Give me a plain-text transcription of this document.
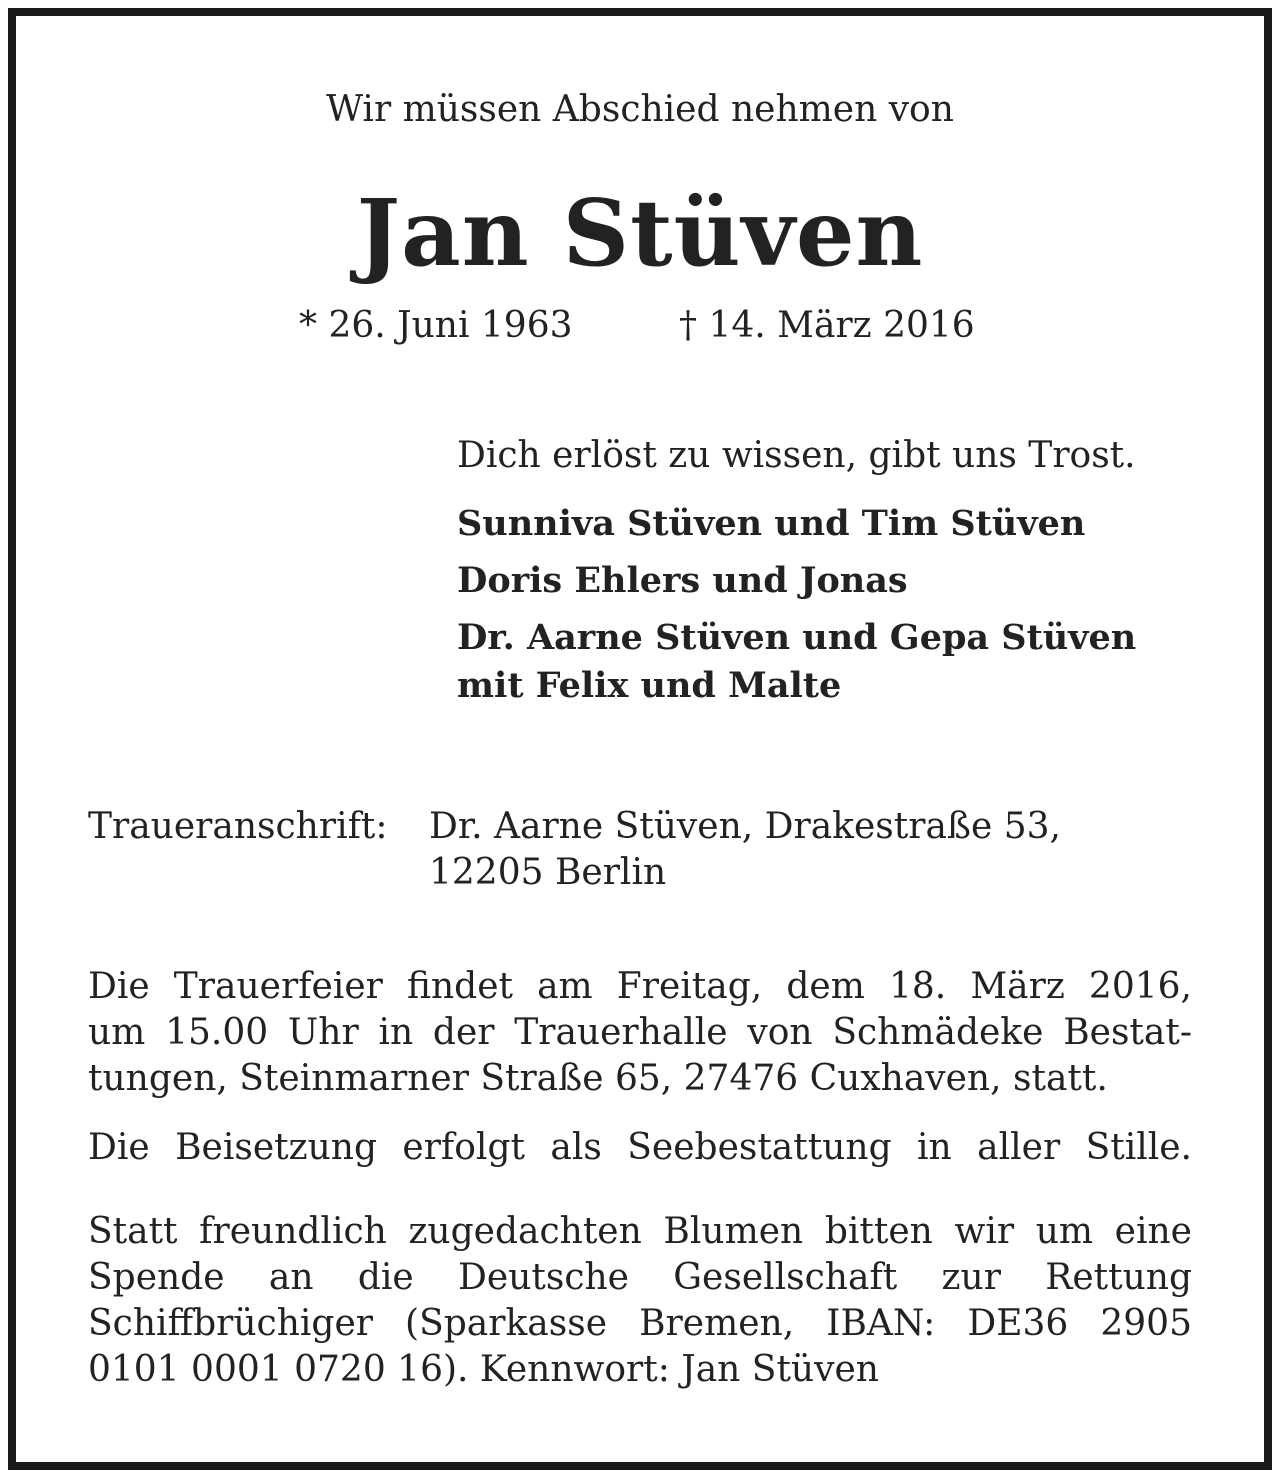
Wir müssen Abschied nehmen von
Jan Stüven
* 26. Juni 1963	† 14. März 2016
Dich erlöst zu wissen, gibt uns Trost.
Sunniva Stüven und Tim Stüven
Doris Ehlers und Jonas
Dr. Aarne Stüven und Gepa Stüven
mit Felix und Malte
Traueranschrift: Dr. Aarne Stüven, Drakestraße 53,
12205 Berlin
Die Trauerfeier findet am Freitag, dem 18. März 2016,
um 15.00 Uhr in der Trauerhalle von Schmädeke Bestat-
tungen, Steinmarner Straße 65, 27476 Cuxhaven, statt.
Die Beisetzung erfolgt als Seebestattung in aller Stille.
Statt freundlich zugedachten Blumen bitten wir um eine
Spende an die Deutsche Gesellschaft zur Rettung
Schiffbrüchiger (Sparkasse Bremen, IBAN: DE36 2905
0101 0001 0720 16). Kennwort: Jan Stüven
